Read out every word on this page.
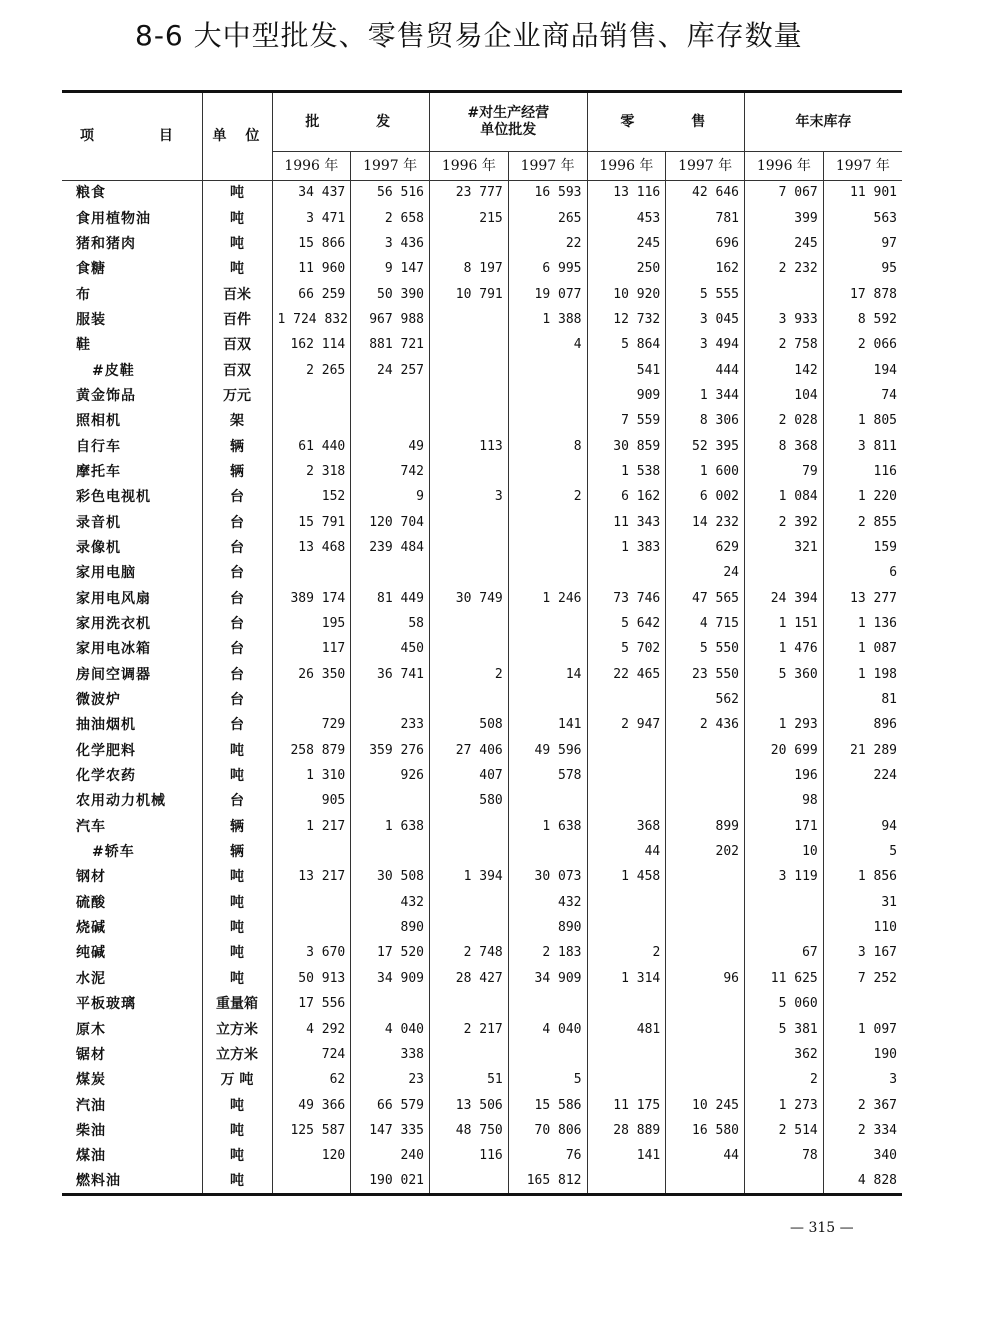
8-6 大中型批发、零售贸易企业商品销售、库存数量
项 目	单 位	批 发		#对生产经营 单位批发		零 售		年末库存	
		1996 年	1997 年	1996 年	1997 年	1996 年	1997 年	1996 年	1997 年
粮食	吨	34 437	56 516	23 777	16 593	13 116	42 646	7 067	11 901
食用植物油	吨	3 471	2 658	215	265	453	781	399	563
猪和猪肉	吨	15 866	3 436		22	245	696	245	97
食糖	吨	11 960	9 147	8 197	6 995	250	162	2 232	95
布	百米	66 259	50 390	10 791	19 077	10 920	5 555		17 878
服装	百件	1 724 832	967 988		1 388	12 732	3 045	3 933	8 592
鞋	百双	162 114	881 721		4	5 864	3 494	2 758	2 066
#皮鞋	百双	2 265	24 257			541	444	142	194
黄金饰品	万元					909	1 344	104	74
照相机	架					7 559	8 306	2 028	1 805
自行车	辆	61 440	49	113	8	30 859	52 395	8 368	3 811
摩托车	辆	2 318	742			1 538	1 600	79	116
彩色电视机	台	152	9	3	2	6 162	6 002	1 084	1 220
录音机	台	15 791	120 704			11 343	14 232	2 392	2 855
录像机	台	13 468	239 484			1 383	629	321	159
家用电脑	台						24		6
家用电风扇	台	389 174	81 449	30 749	1 246	73 746	47 565	24 394	13 277
家用洗衣机	台	195	58			5 642	4 715	1 151	1 136
家用电冰箱	台	117	450			5 702	5 550	1 476	1 087
房间空调器	台	26 350	36 741	2	14	22 465	23 550	5 360	1 198
微波炉	台						562		81
抽油烟机	台	729	233	508	141	2 947	2 436	1 293	896
化学肥料	吨	258 879	359 276	27 406	49 596			20 699	21 289
化学农药	吨	1 310	926	407	578			196	224
农用动力机械	台	905		580				98	
汽车	辆	1 217	1 638		1 638	368	899	171	94
#轿车	辆					44	202	10	5
钢材	吨	13 217	30 508	1 394	30 073	1 458		3 119	1 856
硫酸	吨		432		432				31
烧碱	吨		890		890				110
纯碱	吨	3 670	17 520	2 748	2 183	2		67	3 167
水泥	吨	50 913	34 909	28 427	34 909	1 314	96	11 625	7 252
平板玻璃	重量箱	17 556						5 060	
原木	立方米	4 292	4 040	2 217	4 040	481		5 381	1 097
锯材	立方米	724	338					362	190
煤炭	万 吨	62	23	51	5			2	3
汽油	吨	49 366	66 579	13 506	15 586	11 175	10 245	1 273	2 367
柴油	吨	125 587	147 335	48 750	70 806	28 889	16 580	2 514	2 334
煤油	吨	120	240	116	76	141	44	78	340
燃料油	吨		190 021		165 812				4 828
— 315 —
